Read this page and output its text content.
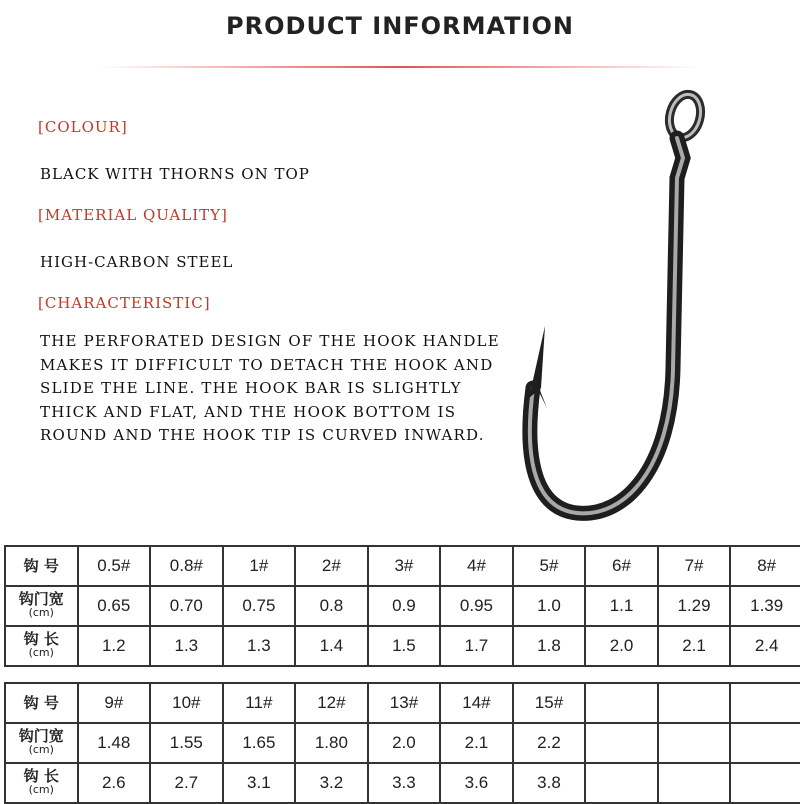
PRODUCT INFORMATION
[COLOUR]
BLACK WITH THORNS ON TOP
[MATERIAL QUALITY]
HIGH-CARBON STEEL
[CHARACTERISTIC]
THE PERFORATED DESIGN OF THE HOOK HANDLE
MAKES IT DIFFICULT TO DETACH THE HOOK AND
SLIDE THE LINE. THE HOOK BAR IS SLIGHTLY
THICK AND FLAT, AND THE HOOK BOTTOM IS
ROUND AND THE HOOK TIP IS CURVED INWARD.
钩 号	0.5#	0.8#	1#	2#	3#	4#	5#	6#	7#	8#
钩门宽
(cm)	0.65	0.70	0.75	0.8	0.9	0.95	1.0	1.1	1.29	1.39
钩 长
(cm)	1.2	1.3	1.3	1.4	1.5	1.7	1.8	2.0	2.1	2.4
钩 号	9#	10#	11#	12#	13#	14#	15#			
钩门宽
(cm)	1.48	1.55	1.65	1.80	2.0	2.1	2.2			
钩 长
(cm)	2.6	2.7	3.1	3.2	3.3	3.6	3.8			
